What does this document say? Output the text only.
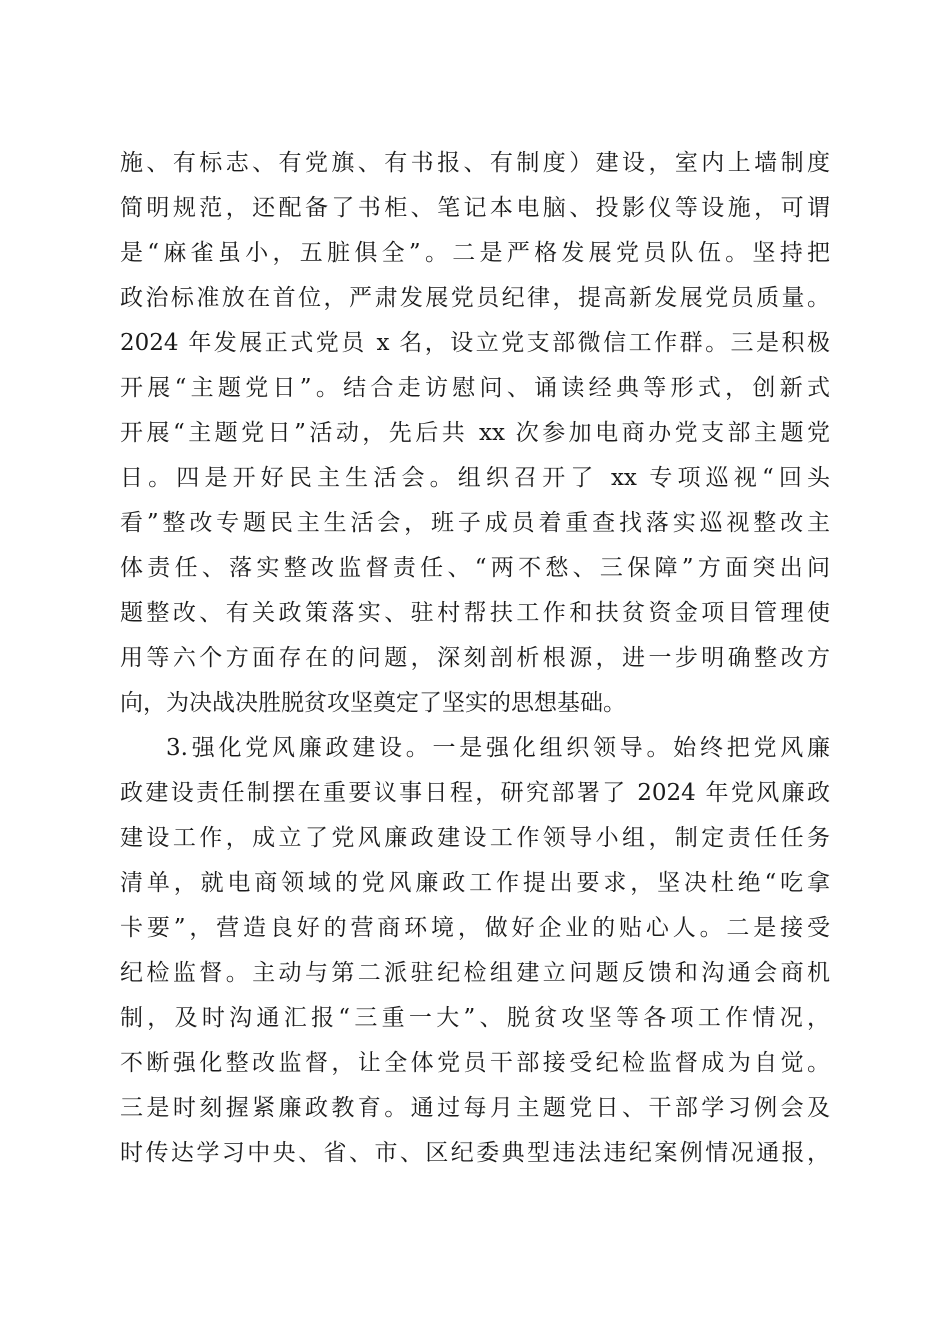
施、有标志、有党旗、有书报、有制度）建设，室内上墙制度
简明规范，还配备了书柜、笔记本电脑、投影仪等设施，可谓
是“麻雀虽小，五脏俱全”。二是严格发展党员队伍。坚持把
政治标准放在首位，严肃发展党员纪律，提高新发展党员质量。
2024 年发展正式党员 x 名，设立党支部微信工作群。三是积极
开展“主题党日”。结合走访慰问、诵读经典等形式，创新式
开展“主题党日”活动，先后共 xx 次参加电商办党支部主题党
日。四是开好民主生活会。组织召开了 xx 专项巡视“回头
看”整改专题民主生活会，班子成员着重查找落实巡视整改主
体责任、落实整改监督责任、“两不愁、三保障”方面突出问
题整改、有关政策落实、驻村帮扶工作和扶贫资金项目管理使
用等六个方面存在的问题，深刻剖析根源，进一步明确整改方
向，为决战决胜脱贫攻坚奠定了坚实的思想基础。
3.强化党风廉政建设。一是强化组织领导。始终把党风廉
政建设责任制摆在重要议事日程，研究部署了 2024 年党风廉政
建设工作，成立了党风廉政建设工作领导小组，制定责任任务
清单，就电商领域的党风廉政工作提出要求，坚决杜绝“吃拿
卡要”，营造良好的营商环境，做好企业的贴心人。二是接受
纪检监督。主动与第二派驻纪检组建立问题反馈和沟通会商机
制，及时沟通汇报“三重一大”、脱贫攻坚等各项工作情况，
不断强化整改监督，让全体党员干部接受纪检监督成为自觉。
三是时刻握紧廉政教育。通过每月主题党日、干部学习例会及
时传达学习中央、省、市、区纪委典型违法违纪案例情况通报，
